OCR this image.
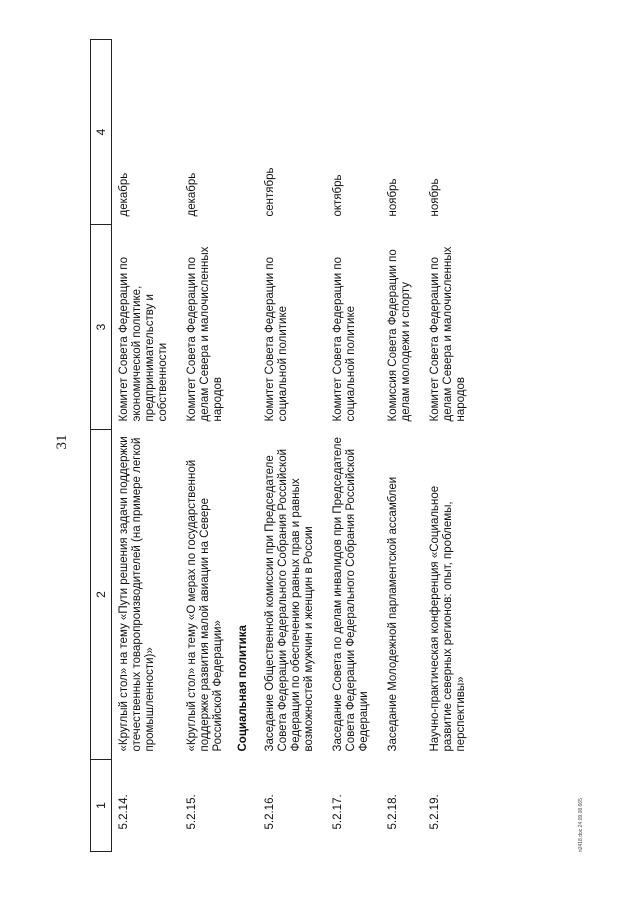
31
1	2	3	4
5.2.14.	«Круглый стол» на тему «Пути решения задачи поддержки отечественных товаропроизводителей (на примере легкой промышленности)»	Комитет Совета Федерации по экономической политике, предпринимательству и собственности	декабрь
5.2.15.	«Круглый стол» на тему «О мерах по государственной поддержке развития малой авиации на Севере Российской Федерации»	Комитет Совета Федерации по делам Севера и малочисленных народов	декабрь
	Социальная политика		
5.2.16.	Заседание Общественной комиссии при Председателе Совета Федерации Федерального Собрания Российской Федерации по обеспечению равных прав и равных возможностей мужчин и женщин в России	Комитет Совета Федерации по социальной политике	сентябрь
5.2.17.	Заседание Совета по делам инвалидов при Председателе Совета Федерации Федерального Собрания Российской Федерации	Комитет Совета Федерации по социальной политике	октябрь
5.2.18.	Заседание Молодежной парламентской ассамблеи	Комиссия Совета Федерации по делам молодежи и спорту	ноябрь
5.2.19.	Научно-практическая конференция «Социальное развитие северных регионов: опыт, проблемы, перспективы»	Комитет Совета Федерации по делам Севера и малочисленных народов	ноябрь
п2418.doc 24.09.08 665
